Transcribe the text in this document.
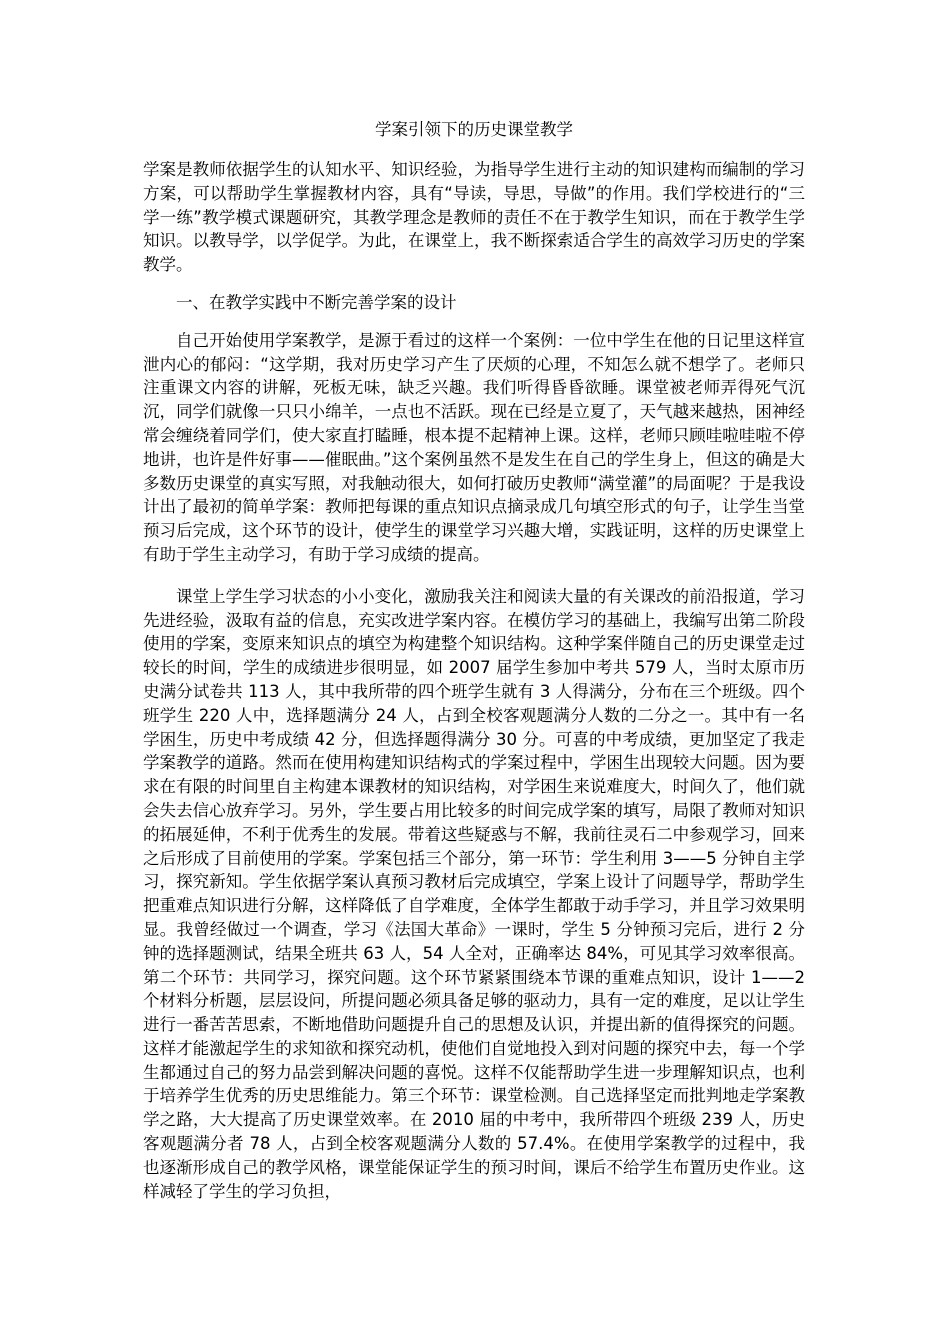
学案引领下的历史课堂教学

学案是教师依据学生的认知水平、知识经验，为指导学生进行主动的知识建构而编制的学习方案，可以帮助学生掌握教材内容，具有“导读，导思，导做”的作用。我们学校进行的“三学一练”教学模式课题研究，其教学理念是教师的责任不在于教学生知识，而在于教学生学知识。以教导学，以学促学。为此，在课堂上，我不断探索适合学生的高效学习历史的学案教学。

一、在教学实践中不断完善学案的设计

自己开始使用学案教学，是源于看过的这样一个案例：一位中学生在他的日记里这样宣泄内心的郁闷：“这学期，我对历史学习产生了厌烦的心理，不知怎么就不想学了。老师只注重课文内容的讲解，死板无味，缺乏兴趣。我们听得昏昏欲睡。课堂被老师弄得死气沉沉，同学们就像一只只小绵羊，一点也不活跃。现在已经是立夏了，天气越来越热，困神经常会缠绕着同学们，使大家直打瞌睡，根本提不起精神上课。这样，老师只顾哇啦哇啦不停地讲，也许是件好事——催眠曲。”这个案例虽然不是发生在自己的学生身上，但这的确是大多数历史课堂的真实写照，对我触动很大，如何打破历史教师“满堂灌”的局面呢？于是我设计出了最初的简单学案：教师把每课的重点知识点摘录成几句填空形式的句子，让学生当堂预习后完成，这个环节的设计，使学生的课堂学习兴趣大增，实践证明，这样的历史课堂上有助于学生主动学习，有助于学习成绩的提高。

课堂上学生学习状态的小小变化，激励我关注和阅读大量的有关课改的前沿报道，学习先进经验，汲取有益的信息，充实改进学案内容。在模仿学习的基础上，我编写出第二阶段使用的学案，变原来知识点的填空为构建整个知识结构。这种学案伴随自己的历史课堂走过较长的时间，学生的成绩进步很明显，如 2007 届学生参加中考共 579 人，当时太原市历史满分试卷共 113 人，其中我所带的四个班学生就有 3 人得满分，分布在三个班级。四个班学生 220 人中，选择题满分 24 人，占到全校客观题满分人数的二分之一。其中有一名学困生，历史中考成绩 42 分，但选择题得满分 30 分。可喜的中考成绩，更加坚定了我走学案教学的道路。然而在使用构建知识结构式的学案过程中，学困生出现较大问题。因为要求在有限的时间里自主构建本课教材的知识结构，对学困生来说难度大，时间久了，他们就会失去信心放弃学习。另外，学生要占用比较多的时间完成学案的填写，局限了教师对知识的拓展延伸，不利于优秀生的发展。带着这些疑惑与不解，我前往灵石二中参观学习，回来之后形成了目前使用的学案。学案包括三个部分，第一环节：学生利用 3——5 分钟自主学习，探究新知。学生依据学案认真预习教材后完成填空，学案上设计了问题导学，帮助学生把重难点知识进行分解，这样降低了自学难度，全体学生都敢于动手学习，并且学习效果明显。我曾经做过一个调查，学习《法国大革命》一课时，学生 5 分钟预习完后，进行 2 分钟的选择题测试，结果全班共 63 人，54 人全对，正确率达 84%，可见其学习效率很高。第二个环节：共同学习，探究问题。这个环节紧紧围绕本节课的重难点知识，设计 1——2 个材料分析题，层层设问，所提问题必须具备足够的驱动力，具有一定的难度，足以让学生进行一番苦苦思索，不断地借助问题提升自己的思想及认识，并提出新的值得探究的问题。这样才能激起学生的求知欲和探究动机，使他们自觉地投入到对问题的探究中去，每一个学生都通过自己的努力品尝到解决问题的喜悦。这样不仅能帮助学生进一步理解知识点，也利于培养学生优秀的历史思维能力。第三个环节：课堂检测。自己选择坚定而批判地走学案教学之路，大大提高了历史课堂效率。在 2010 届的中考中，我所带四个班级 239 人，历史客观题满分者 78 人，占到全校客观题满分人数的 57.4%。在使用学案教学的过程中，我也逐渐形成自己的教学风格，课堂能保证学生的预习时间，课后不给学生布置历史作业。这样减轻了学生的学习负担，
